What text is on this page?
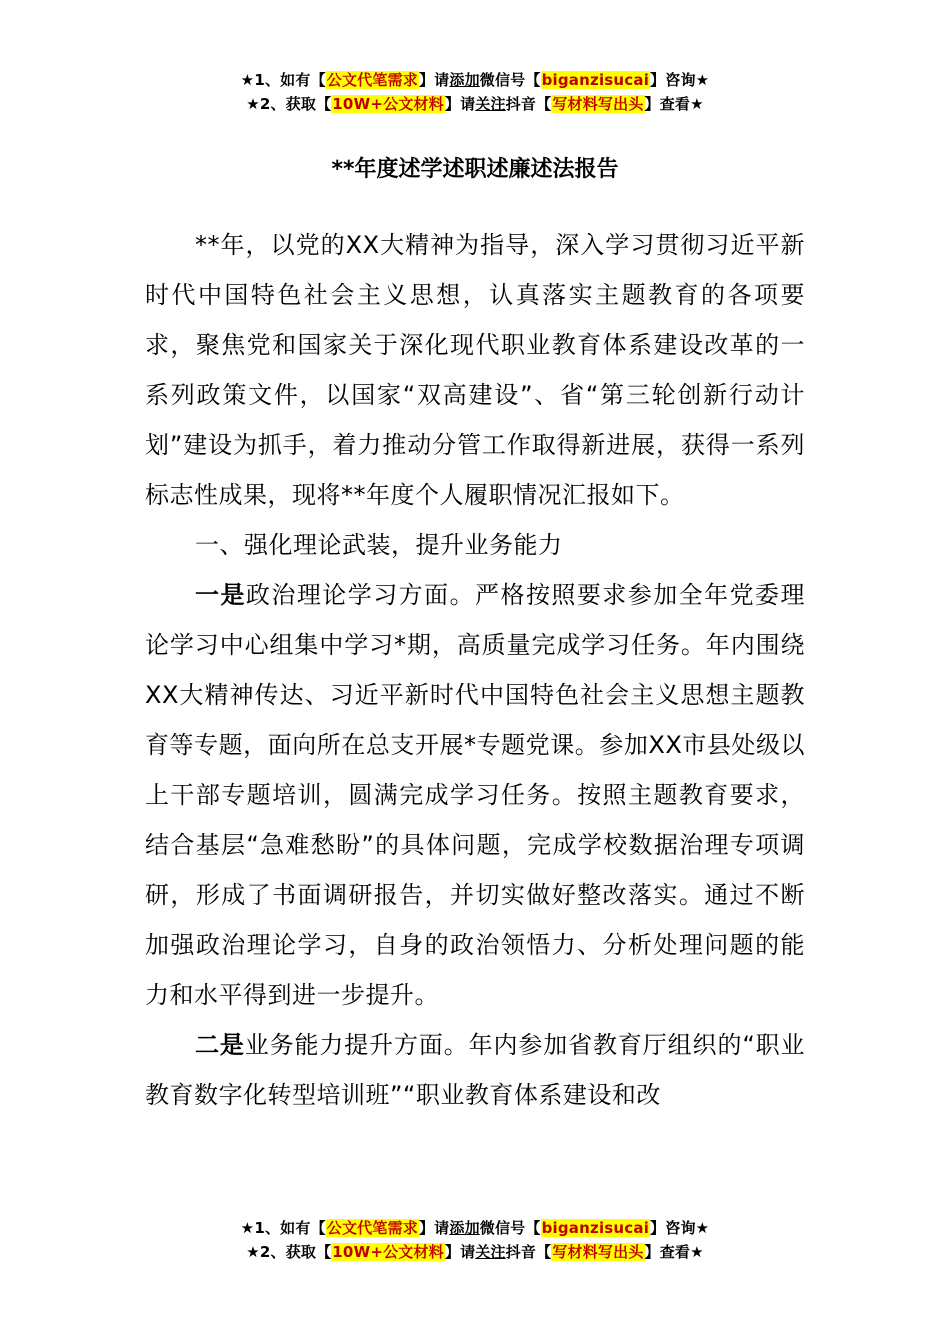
★1、如有【公文代笔需求】请添加微信号【biganzisucai】咨询★
★2、获取【10W+公文材料】请关注抖音【写材料写出头】查看★
**年度述学述职述廉述法报告

**年，以党的XX大精神为指导，深入学习贯彻习近平新时代中国特色社会主义思想，认真落实主题教育的各项要求，聚焦党和国家关于深化现代职业教育体系建设改革的一系列政策文件，以国家“双高建设”、省“第三轮创新行动计划”建设为抓手，着力推动分管工作取得新进展，获得一系列标志性成果，现将**年度个人履职情况汇报如下。

一、强化理论武装，提升业务能力

一是政治理论学习方面。严格按照要求参加全年党委理论学习中心组集中学习*期，高质量完成学习任务。年内围绕XX大精神传达、习近平新时代中国特色社会主义思想主题教育等专题，面向所在总支开展*专题党课。参加XX市县处级以上干部专题培训，圆满完成学习任务。按照主题教育要求，结合基层“急难愁盼”的具体问题，完成学校数据治理专项调研，形成了书面调研报告，并切实做好整改落实。通过不断加强政治理论学习，自身的政治领悟力、分析处理问题的能力和水平得到进一步提升。

二是业务能力提升方面。年内参加省教育厅组织的“职业教育数字化转型培训班”“职业教育体系建设和改

★1、如有【公文代笔需求】请添加微信号【biganzisucai】咨询★
★2、获取【10W+公文材料】请关注抖音【写材料写出头】查看★
